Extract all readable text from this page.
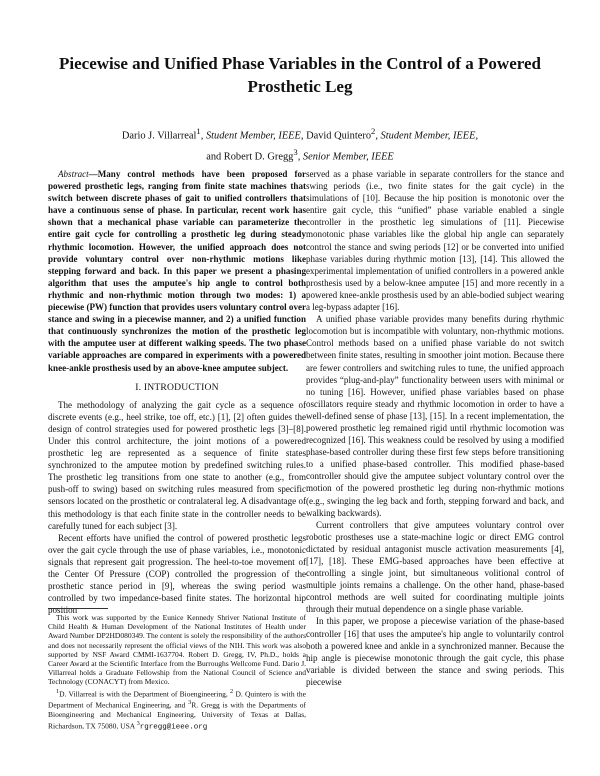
Piecewise and Unified Phase Variables in the Control of a Powered Prosthetic Leg
Dario J. Villarreal$^1$, Student Member, IEEE, David Quintero$^2$, Student Member, IEEE,
and Robert D. Gregg$^3$, Senior Member, IEEE

Abstract—Many control methods have been proposed for powered prosthetic legs, ranging from finite state machines that switch between discrete phases of gait to unified controllers that have a continuous sense of phase. In particular, recent work has shown that a mechanical phase variable can parameterize the entire gait cycle for controlling a prosthetic leg during steady rhythmic locomotion. However, the unified approach does not provide voluntary control over non-rhythmic motions like stepping forward and back. In this paper we present a phasing algorithm that uses the amputee's hip angle to control both rhythmic and non-rhythmic motion through two modes: 1) a piecewise (PW) function that provides users voluntary control over stance and swing in a piecewise manner, and 2) a unified function that continuously synchronizes the motion of the prosthetic leg with the amputee user at different walking speeds. The two phase variable approaches are compared in experiments with a powered knee-ankle prosthesis used by an above-knee amputee subject.

I. INTRODUCTION

The methodology of analyzing the gait cycle as a sequence of discrete events (e.g., heel strike, toe off, etc.) [1], [2] often guides the design of control strategies used for powered prosthetic legs [3]–[8]. Under this control architecture, the joint motions of a powered prosthetic leg are represented as a sequence of finite states synchronized to the amputee motion by predefined switching rules. The prosthetic leg transitions from one state to another (e.g., from push-off to swing) based on switching rules measured from specific sensors located on the prosthetic or contralateral leg. A disadvantage of this methodology is that each finite state in the controller needs to be carefully tuned for each subject [3].

Recent efforts have unified the control of powered prosthetic legs over the gait cycle through the use of phase variables, i.e., monotonic signals that represent gait progression. The heel-to-toe movement of the Center Of Pressure (COP) controlled the progression of the prosthetic stance period in [9], whereas the swing period was controlled by two impedance-based finite states. The horizontal hip position

This work was supported by the Eunice Kennedy Shriver National Institute of Child Health & Human Development of the National Institutes of Health under Award Number DP2HD080349. The content is solely the responsibility of the authors and does not necessarily represent the official views of the NIH. This work was also supported by NSF Award CMMI-1637704. Robert D. Gregg, IV, Ph.D., holds a Career Award at the Scientific Interface from the Burroughs Wellcome Fund. Dario J. Villarreal holds a Graduate Fellowship from the National Council of Science and Technology (CONACYT) from Mexico.

$^1$D. Villarreal is with the Department of Bioengineering, $^2$ D. Quintero is with the Department of Mechanical Engineering, and $^3$R. Gregg is with the Departments of Bioengineering and Mechanical Engineering, University of Texas at Dallas, Richardson, TX 75080, USA $^3$rgregg@ieee.org

served as a phase variable in separate controllers for the stance and swing periods (i.e., two finite states for the gait cycle) in the simulations of [10]. Because the hip position is monotonic over the entire gait cycle, this “unified” phase variable enabled a single controller in the prosthetic leg simulations of [11]. Piecewise monotonic phase variables like the global hip angle can separately control the stance and swing periods [12] or be converted into unified phase variables during rhythmic motion [13], [14]. This allowed the experimental implementation of unified controllers in a powered ankle prosthesis used by a below-knee amputee [15] and more recently in a powered knee-ankle prosthesis used by an able-bodied subject wearing a leg-bypass adapter [16].

A unified phase variable provides many benefits during rhythmic locomotion but is incompatible with voluntary, non-rhythmic motions. Control methods based on a unified phase variable do not switch between finite states, resulting in smoother joint motion. Because there are fewer controllers and switching rules to tune, the unified approach provides “plug-and-play” functionality between users with minimal or no tuning [16]. However, unified phase variables based on phase oscillators require steady and rhythmic locomotion in order to have a well-defined sense of phase [13], [15]. In a recent implementation, the powered prosthetic leg remained rigid until rhythmic locomotion was recognized [16]. This weakness could be resolved by using a modified phase-based controller during these first few steps before transitioning to a unified phase-based controller. This modified phase-based controller should give the amputee subject voluntary control over the motion of the powered prosthetic leg during non-rhythmic motions (e.g., swinging the leg back and forth, stepping forward and back, and walking backwards).

Current controllers that give amputees voluntary control over robotic prostheses use a state-machine logic or direct EMG control dictated by residual antagonist muscle activation measurements [4], [17], [18]. These EMG-based approaches have been effective at controlling a single joint, but simultaneous volitional control of multiple joints remains a challenge. On the other hand, phase-based control methods are well suited for coordinating multiple joints through their mutual dependence on a single phase variable.

In this paper, we propose a piecewise variation of the phase-based controller [16] that uses the amputee's hip angle to voluntarily control both a powered knee and ankle in a synchronized manner. Because the hip angle is piecewise monotonic through the gait cycle, this phase variable is divided between the stance and swing periods. This piecewise
